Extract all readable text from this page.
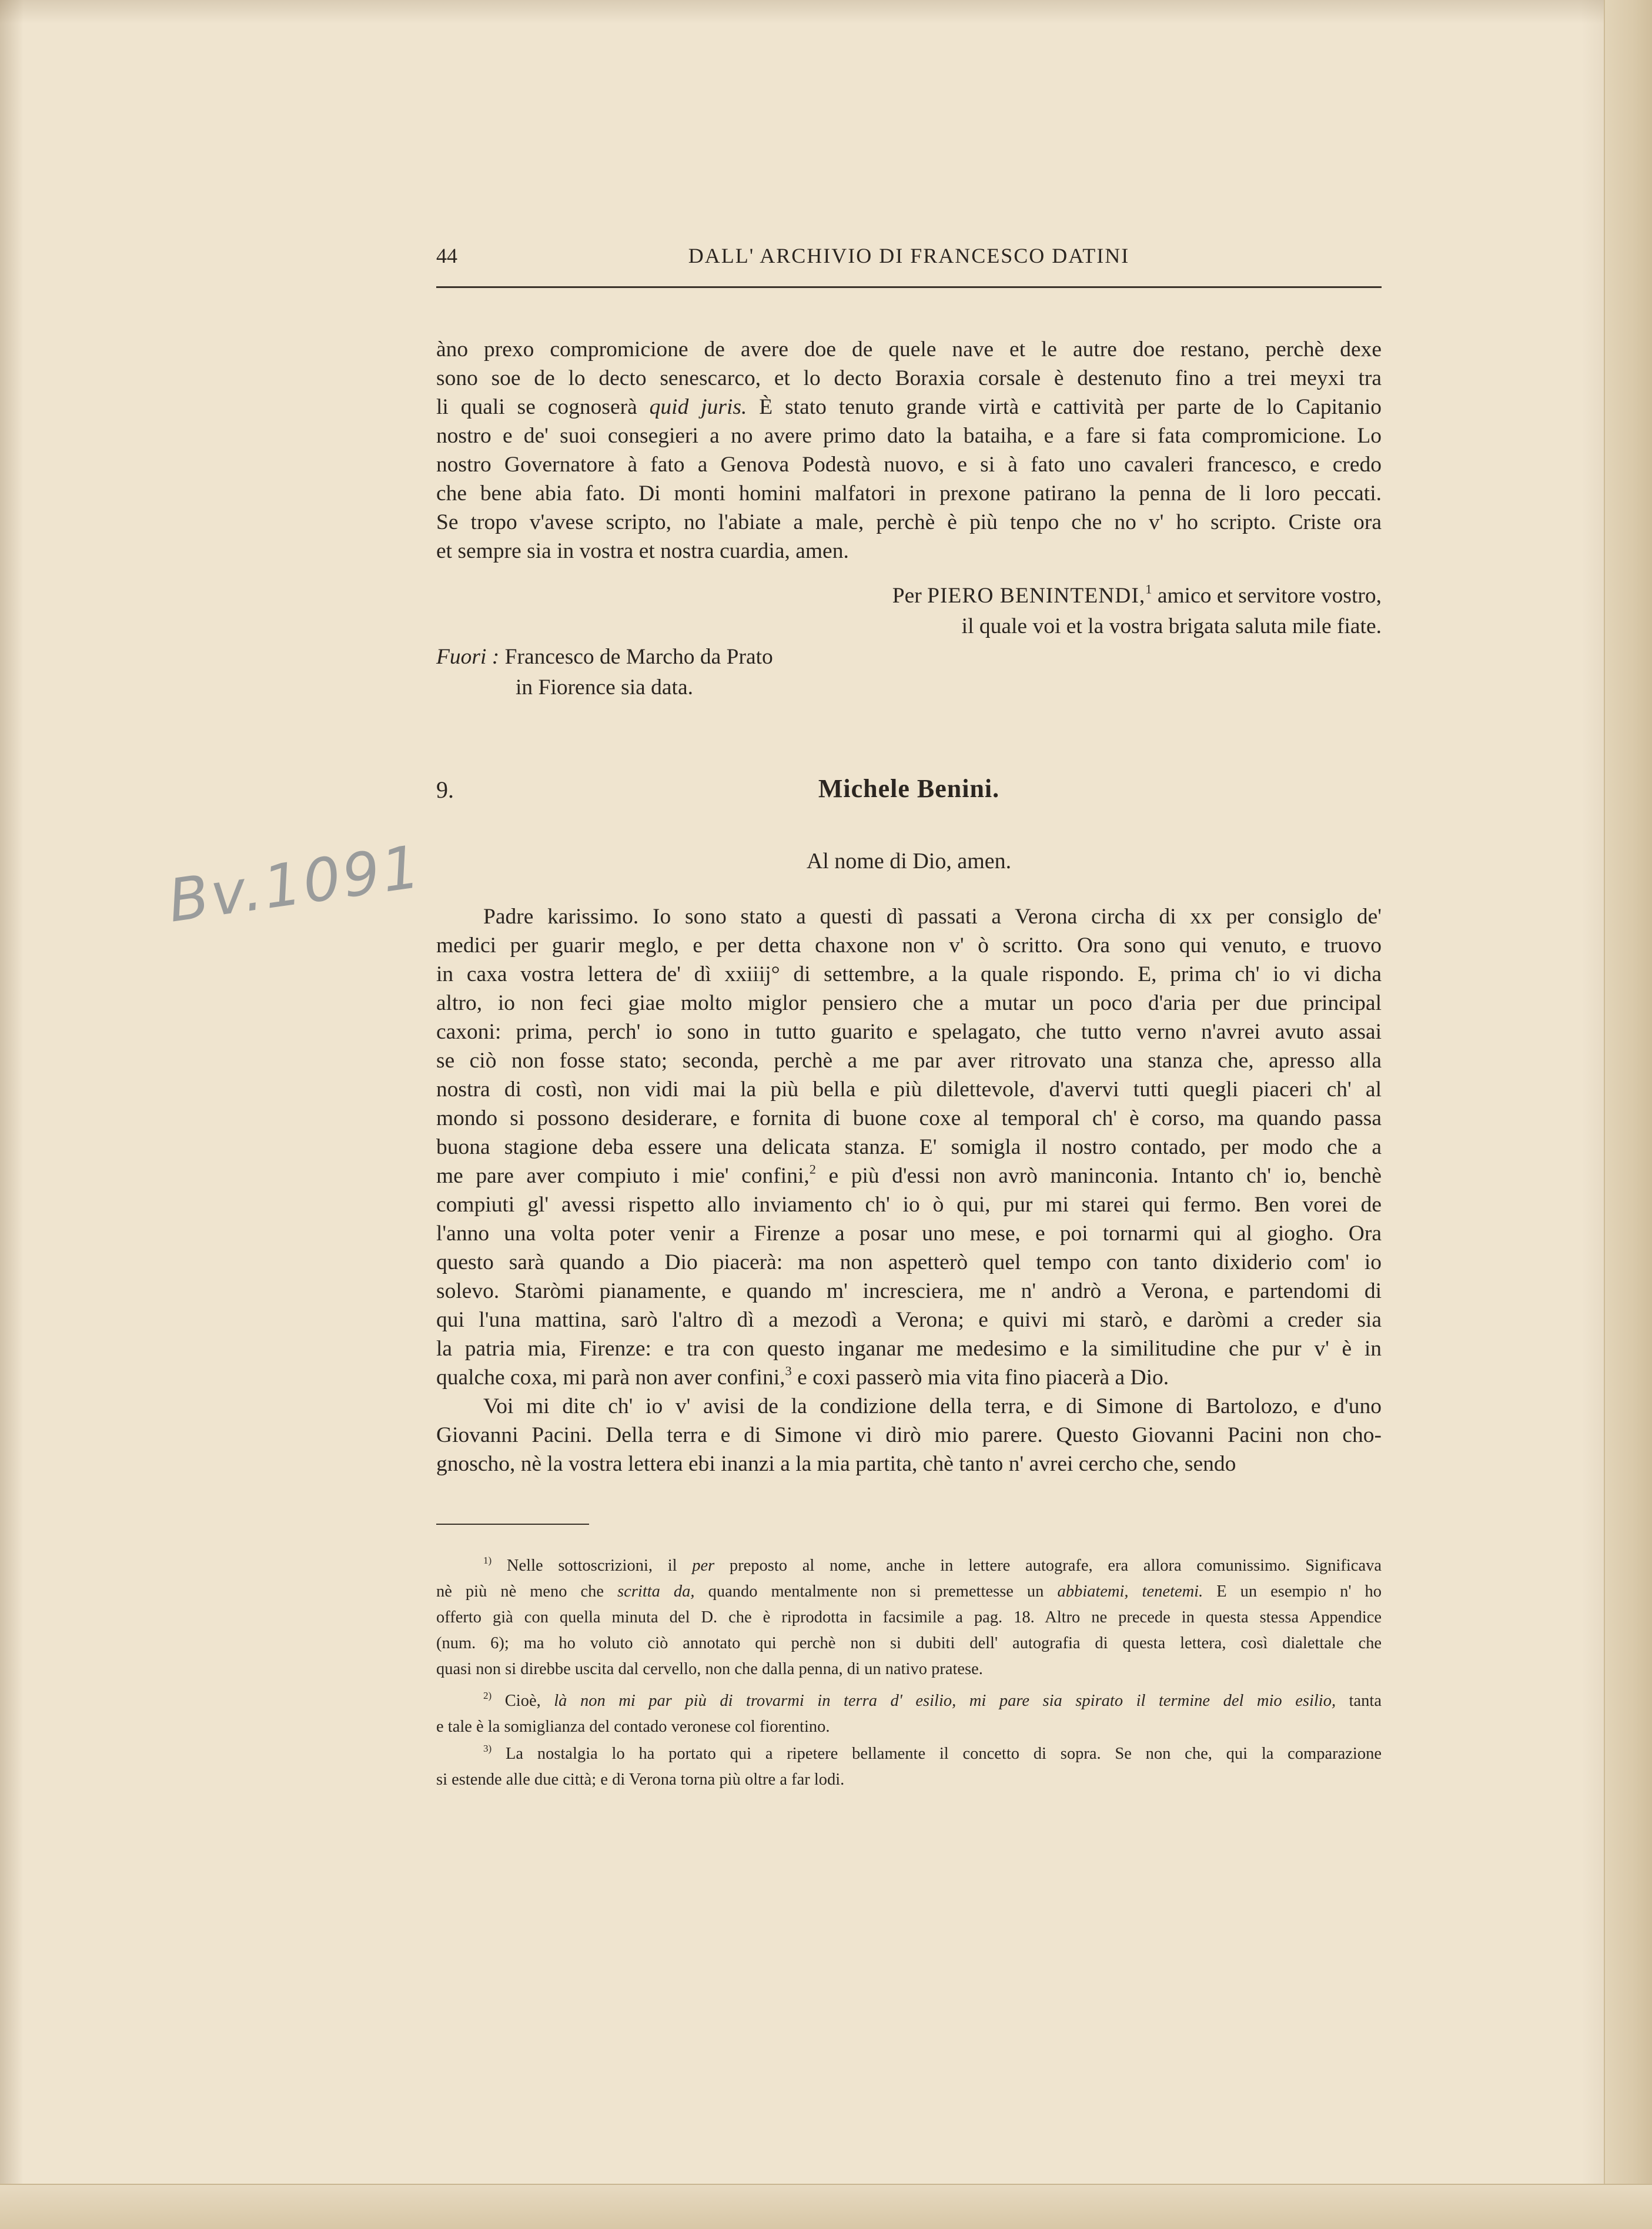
44	DALL' ARCHIVIO DI FRANCESCO DATINI
àno prexo compromicione de avere doe de quele nave et le autre doe restano, perchè dexe
sono soe de lo decto senescarco, et lo decto Boraxia corsale è destenuto fino a trei meyxi tra
li quali se cognoserà quid juris. È stato tenuto grande virtà e cattività per parte de lo Capitanio
nostro e de' suoi consegieri a no avere primo dato la bataiha, e a fare si fata compromicione. Lo
nostro Governatore à fato a Genova Podestà nuovo, e si à fato uno cavaleri francesco, e credo
che bene abia fato. Di monti homini malfatori in prexone patirano la penna de li loro peccati.
Se tropo v'avese scripto, no l'abiate a male, perchè è più tenpo che no v' ho scripto. Criste ora
et sempre sia in vostra et nostra cuardia, amen.
Per PIERO BENINTENDI,$^1$ amico et servitore vostro,
il quale voi et la vostra brigata saluta mile fiate.
Fuori : Francesco de Marcho da Prato
in Fiorence sia data.
9.	Michele Benini.
Bv.1091	Al nome di Dio, amen.
Padre karissimo. Io sono stato a questi dì passati a Verona circha di xx per consiglo de'
medici per guarir meglo, e per detta chaxone non v' ò scritto. Ora sono qui venuto, e truovo
in caxa vostra lettera de' dì xxiiij° di settembre, a la quale rispondo. E, prima ch' io vi dicha
altro, io non feci giae molto miglor pensiero che a mutar un poco d'aria per due principal
caxoni: prima, perch' io sono in tutto guarito e spelagato, che tutto verno n'avrei avuto assai
se ciò non fosse stato; seconda, perchè a me par aver ritrovato una stanza che, apresso alla
nostra di costì, non vidi mai la più bella e più dilettevole, d'avervi tutti quegli piaceri ch' al
mondo si possono desiderare, e fornita di buone coxe al temporal ch' è corso, ma quando passa
buona stagione deba essere una delicata stanza. E' somigla il nostro contado, per modo che a
me pare aver compiuto i mie' confini,$^2$ e più d'essi non avrò maninconia. Intanto ch' io, benchè
compiuti gl' avessi rispetto allo inviamento ch' io ò qui, pur mi starei qui fermo. Ben vorei de
l'anno una volta poter venir a Firenze a posar uno mese, e poi tornarmi qui al gioghо. Ora
questo sarà quando a Dio piacerà: ma non aspetterò quel tempo con tanto dixiderio com' io
solevo. Staròmi pianamente, e quando m' incresciera, me n' andrò a Verona, e partendomi di
qui l'una mattina, sarò l'altro dì a mezodì a Verona; e quivi mi starò, e daròmi a creder sia
la patria mia, Firenze: e tra con questo inganar me medesimo e la similitudine che pur v' è in
qualche coxa, mi parà non aver confini,$^3$ e coxi passerò mia vita fino piacerà a Dio.
Voi mi dite ch' io v' avisi de la condizione della terra, e di Simone di Bartolozo, e d'uno
Giovanni Pacini. Della terra e di Simone vi dirò mio parere. Questo Giovanni Pacini non cho-
gnoscho, nè la vostra lettera ebi inanzi a la mia partita, chè tanto n' avrei cercho che, sendo
$^{1)}$ Nelle sottoscrizioni, il per preposto al nome, anche in lettere autografe, era allora comunissimo. Significava
nè più nè meno che scritta da, quando mentalmente non si premettesse un abbiatemi, tenetemi. E un esempio n' ho
offerto già con quella minuta del D. che è riprodotta in facsimile a pag. 18. Altro ne precede in questa stessa Appendice
(num. 6); ma ho voluto ciò annotato qui perchè non si dubiti dell' autografia di questa lettera, così dialettale che
quasi non si direbbe uscita dal cervello, non che dalla penna, di un nativo pratese.
$^{2)}$ Cioè, là non mi par più di trovarmi in terra d' esilio, mi pare sia spirato il termine del mio esilio, tanta
e tale è la somiglianza del contado veronese col fiorentino.
$^{3)}$ La nostalgia lo ha portato qui a ripetere bellamente il concetto di sopra. Se non che, qui la comparazione
si estende alle due città; e di Verona torna più oltre a far lodi.
